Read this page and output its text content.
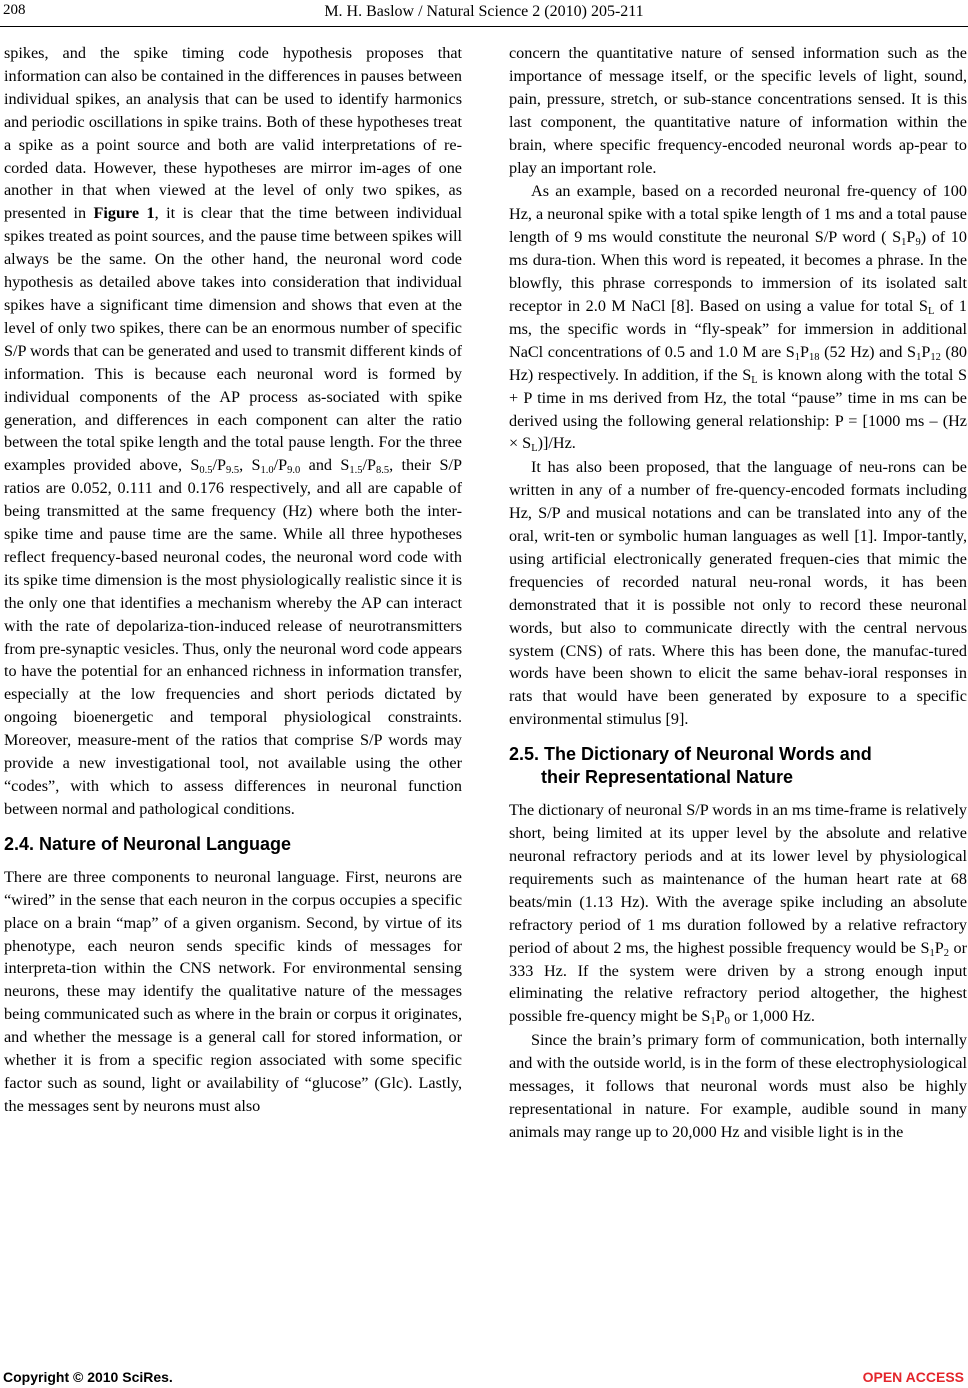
208	M. H. Baslow / Natural Science 2 (2010) 205-211

spikes, and the spike timing code hypothesis proposes that information can also be contained in the differences in pauses between individual spikes, an analysis that can be used to identify harmonics and periodic oscillations in spike trains. Both of these hypotheses treat a spike as a point source and both are valid interpretations of re-corded data. However, these hypotheses are mirror im-ages of one another in that when viewed at the level of only two spikes, as presented in Figure 1, it is clear that the time between individual spikes treated as point sources, and the pause time between spikes will always be the same. On the other hand, the neuronal word code hypothesis as detailed above takes into consideration that individual spikes have a significant time dimension and shows that even at the level of only two spikes, there can be an enormous number of specific S/P words that can be generated and used to transmit different kinds of information. This is because each neuronal word is formed by individual components of the AP process as-sociated with spike generation, and differences in each component can alter the ratio between the total spike length and the total pause length. For the three examples provided above, $S_{0.5}/P_{9.5}$, $S_{1.0}/P_{9.0}$ and $S_{1.5}/P_{8.5}$, their S/P ratios are 0.052, 0.111 and 0.176 respectively, and all are capable of being transmitted at the same frequency (Hz) where both the inter-spike time and pause time are the same. While all three hypotheses reflect frequency-based neuronal codes, the neuronal word code with its spike time dimension is the most physiologically realistic since it is the only one that identifies a mechanism whereby the AP can interact with the rate of depolariza-tion-induced release of neurotransmitters from pre-synaptic vesicles. Thus, only the neuronal word code appears to have the potential for an enhanced richness in information transfer, especially at the low frequencies and short periods dictated by ongoing bioenergetic and temporal physiological constraints. Moreover, measure-ment of the ratios that comprise S/P words may provide a new investigational tool, not available using the other “codes”, with which to assess differences in neuronal function between normal and pathological conditions.

2.4. Nature of Neuronal Language

There are three components to neuronal language. First, neurons are “wired” in the sense that each neuron in the corpus occupies a specific place on a brain “map” of a given organism. Second, by virtue of its phenotype, each neuron sends specific kinds of messages for interpreta-tion within the CNS network. For environmental sensing neurons, these may identify the qualitative nature of the messages being communicated such as where in the brain or corpus it originates, and whether the message is a general call for stored information, or whether it is from a specific region associated with some specific factor such as sound, light or availability of “glucose” (Glc). Lastly, the messages sent by neurons must also

concern the quantitative nature of sensed information such as the importance of message itself, or the specific levels of light, sound, pain, pressure, stretch, or sub-stance concentrations sensed. It is this last component, the quantitative nature of information within the brain, where specific frequency-encoded neuronal words ap-pear to play an important role.

As an example, based on a recorded neuronal fre-quency of 100 Hz, a neuronal spike with a total spike length of 1 ms and a total pause length of 9 ms would constitute the neuronal S/P word ( $S_1P_9$) of 10 ms dura-tion. When this word is repeated, it becomes a phrase. In the blowfly, this phrase corresponds to immersion of its isolated salt receptor in 2.0 M NaCl [8]. Based on using a value for total $S_L$ of 1 ms, the specific words in “fly-speak” for immersion in additional NaCl concentrations of 0.5 and 1.0 M are $S_1P_{18}$ (52 Hz) and $S_1P_{12}$ (80 Hz) respectively. In addition, if the $S_L$ is known along with the total S + P time in ms derived from Hz, the total “pause” time in ms can be derived using the following general relationship: P = [1000 ms – $(Hz \times S_L)]/Hz$.

It has also been proposed, that the language of neu-rons can be written in any of a number of fre-quency-encoded formats including Hz, S/P and musical notations and can be translated into any of the oral, writ-ten or symbolic human languages as well [1]. Impor-tantly, using artificial electronically generated frequen-cies that mimic the frequencies of recorded natural neu-ronal words, it has been demonstrated that it is possible not only to record these neuronal words, but also to communicate directly with the central nervous system (CNS) of rats. Where this has been done, the manufac-tured words have been shown to elicit the same behav-ioral responses in rats that would have been generated by exposure to a specific environmental stimulus [9].

2.5. The Dictionary of Neuronal Words and
their Representational Nature

The dictionary of neuronal S/P words in an ms time-frame is relatively short, being limited at its upper level by the absolute and relative neuronal refractory periods and at its lower level by physiological requirements such as maintenance of the human heart rate at 68 beats/min (1.13 Hz). With the average spike including an absolute refractory period of 1 ms duration followed by a relative refractory period of about 2 ms, the highest possible frequency would be $S_1P_2$ or 333 Hz. If the system were driven by a strong enough input eliminating the relative refractory period altogether, the highest possible fre-quency might be $S_1P_0$ or 1,000 Hz.

Since the brain’s primary form of communication, both internally and with the outside world, is in the form of these electrophysiological messages, it follows that neuronal words must also be highly representational in nature. For example, audible sound in many animals may range up to 20,000 Hz and visible light is in the

Copyright © 2010 SciRes.	OPEN ACCESS
